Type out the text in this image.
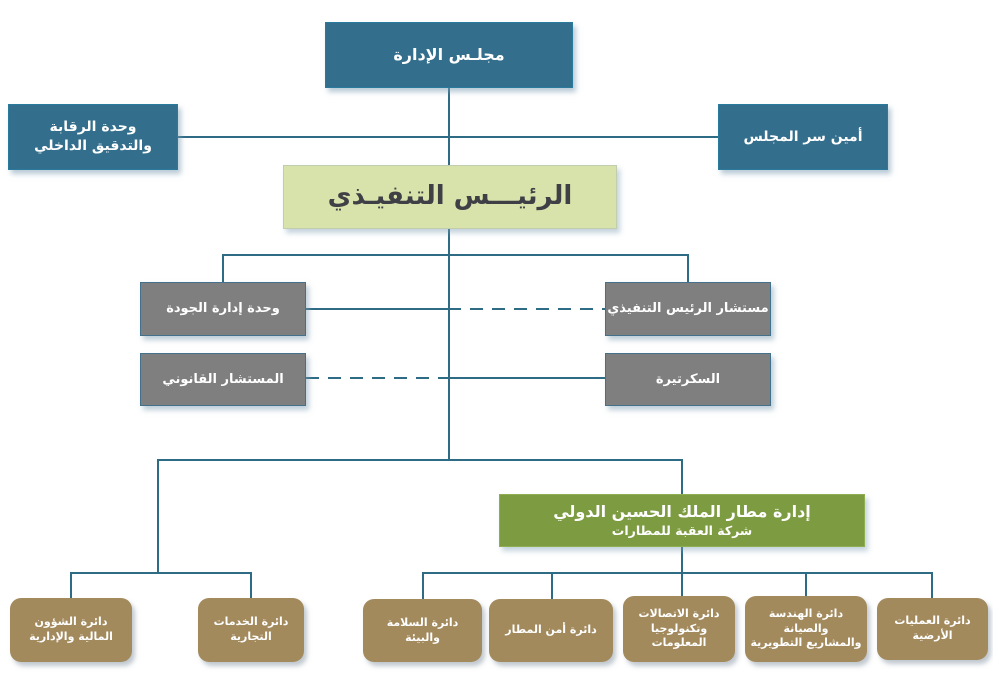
مجلـس الإدارة
وحدة الرقابة
والتدقيق الداخلي
أمين سر المجلس
الرئيـــس التنفيـذي
وحدة إدارة الجودة	مستشار الرئيس التنفيذي
المستشار القانوني	السكرتيرة
إدارة مطار الملك الحسين الدولي
شركة العقبة للمطارات
دائرة الشؤون
المالية والإدارية
دائرة الخدمات
التجارية
دائرة السلامة
والبيئة
دائرة أمن المطار
دائرة الاتصالات
وتكنولوجيا
المعلومات
دائرة الهندسة
والصيانة
والمشاريع التطويرية
دائرة العمليات
الأرضية
